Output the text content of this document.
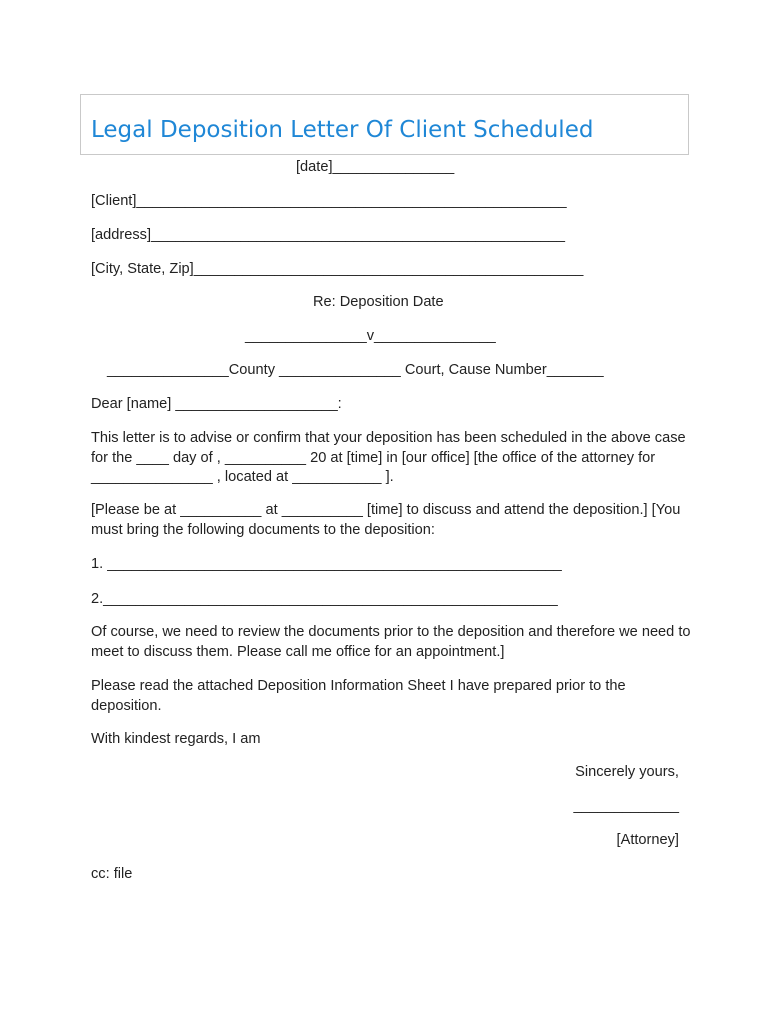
Legal Deposition Letter Of Client Scheduled
[date]_______________
[Client]_____________________________________________________
[address]___________________________________________________
[City, State, Zip]________________________________________________
Re: Deposition Date
_______________v_______________
_______________County _______________ Court, Cause Number_______
Dear [name] ____________________:
This letter is to advise or confirm that your deposition has been scheduled in the above case for the ____ day of , __________ 20 at [time] in [our office] [the office of the attorney for _______________ , located at ___________ ].
[Please be at __________ at __________ [time] to discuss and attend the deposition.] [You must bring the following documents to the deposition:
1. ________________________________________________________
2.________________________________________________________
Of course, we need to review the documents prior to the deposition and therefore we need to meet to discuss them. Please call me office for an appointment.]
Please read the attached Deposition Information Sheet I have prepared prior to the deposition.
With kindest regards, I am
Sincerely yours,
_____________
[Attorney]
cc: file
